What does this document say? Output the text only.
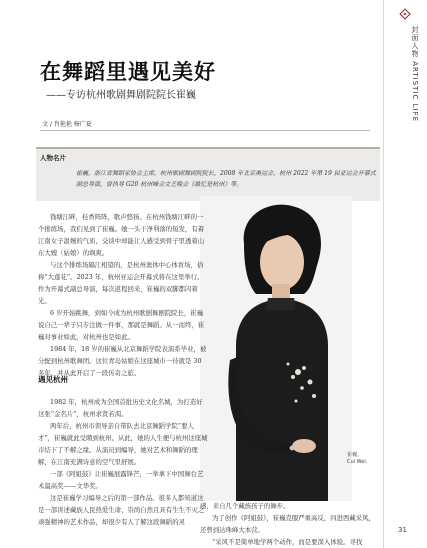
封面人物 ARTISTIC LIFE
在舞蹈里遇见美好
——专访杭州歌剧舞剧院院长崔巍
文 / 肖艳艳 杨广夏
人物名片
崔巍，浙江省舞蹈家协会主席，杭州歌剧舞剧院院长，2008 年北京奥运会、杭州 2022 年第 19 届亚运会开幕式副总导演，曾执导 G20 杭州峰会文艺晚会《最忆是杭州》等。
崔巍。
Cui Wei.

钱塘江畔，桂香阵阵，歌声悠扬。在杭州钱塘江畔的一个排练场，我们见到了崔巍。她一头干净利落的短发，有着江南女子温婉的气质，交谈中却能让人感受到骨子里透着山东大嫂（姑娘）的飒爽。

与这个排练场隔江相望的，是杭州奥体中心体育场，俗称“大莲花”。2023 年，杭州亚运会开幕式将在这里举行。作为开幕式副总导演，每次返程回来，崔巍的双脚都闪着光。

6 岁开始跳舞，到如今成为杭州歌剧舞剧院院长，崔巍说自己一辈子只专注做一件事，那就是舞蹈。从一而终，崔巍对事业如此，对杭州也是如此。

1984 年，18 岁的崔巍从北京舞蹈学院表演系毕业，被分配到杭州歌舞团。这位青岛姑娘在这座城市一待就是 30 多年，并从此开启了一段传奇之旅。

遇见杭州

1982 年，杭州成为全国首批历史文化名城，为打造好这张“金名片”，杭州求贤若渴。

两年后，杭州市领导亲自带队去北京舞蹈学院“要人才”，崔巍就此受聘到杭州。从此，她的人生便与杭州这座城市结下了不解之缘。从演员到编导，她对艺术和舞蹈的理解，在江南充满诗意的空气里舒展。

一部《阿姐鼓》让崔巍展露锋芒，一举拿下中国舞台艺术最高奖——文华奖。

这是崔巍学习编导之后的第一部作品。很多人都知道这是一部讲述藏族人民热爱生命、崇尚自然且具有生生不灭之顽强精神的艺术作品，却很少有人了解这段舞蹈的灵

感，来自几个藏族孩子的舞步。

为了创作《阿姐鼓》，崔巍克服严重高反，四进西藏采风，还曾到达珠峰大本营。

“采风不是简单地学两个动作，而是要深入体验。寻找

31
